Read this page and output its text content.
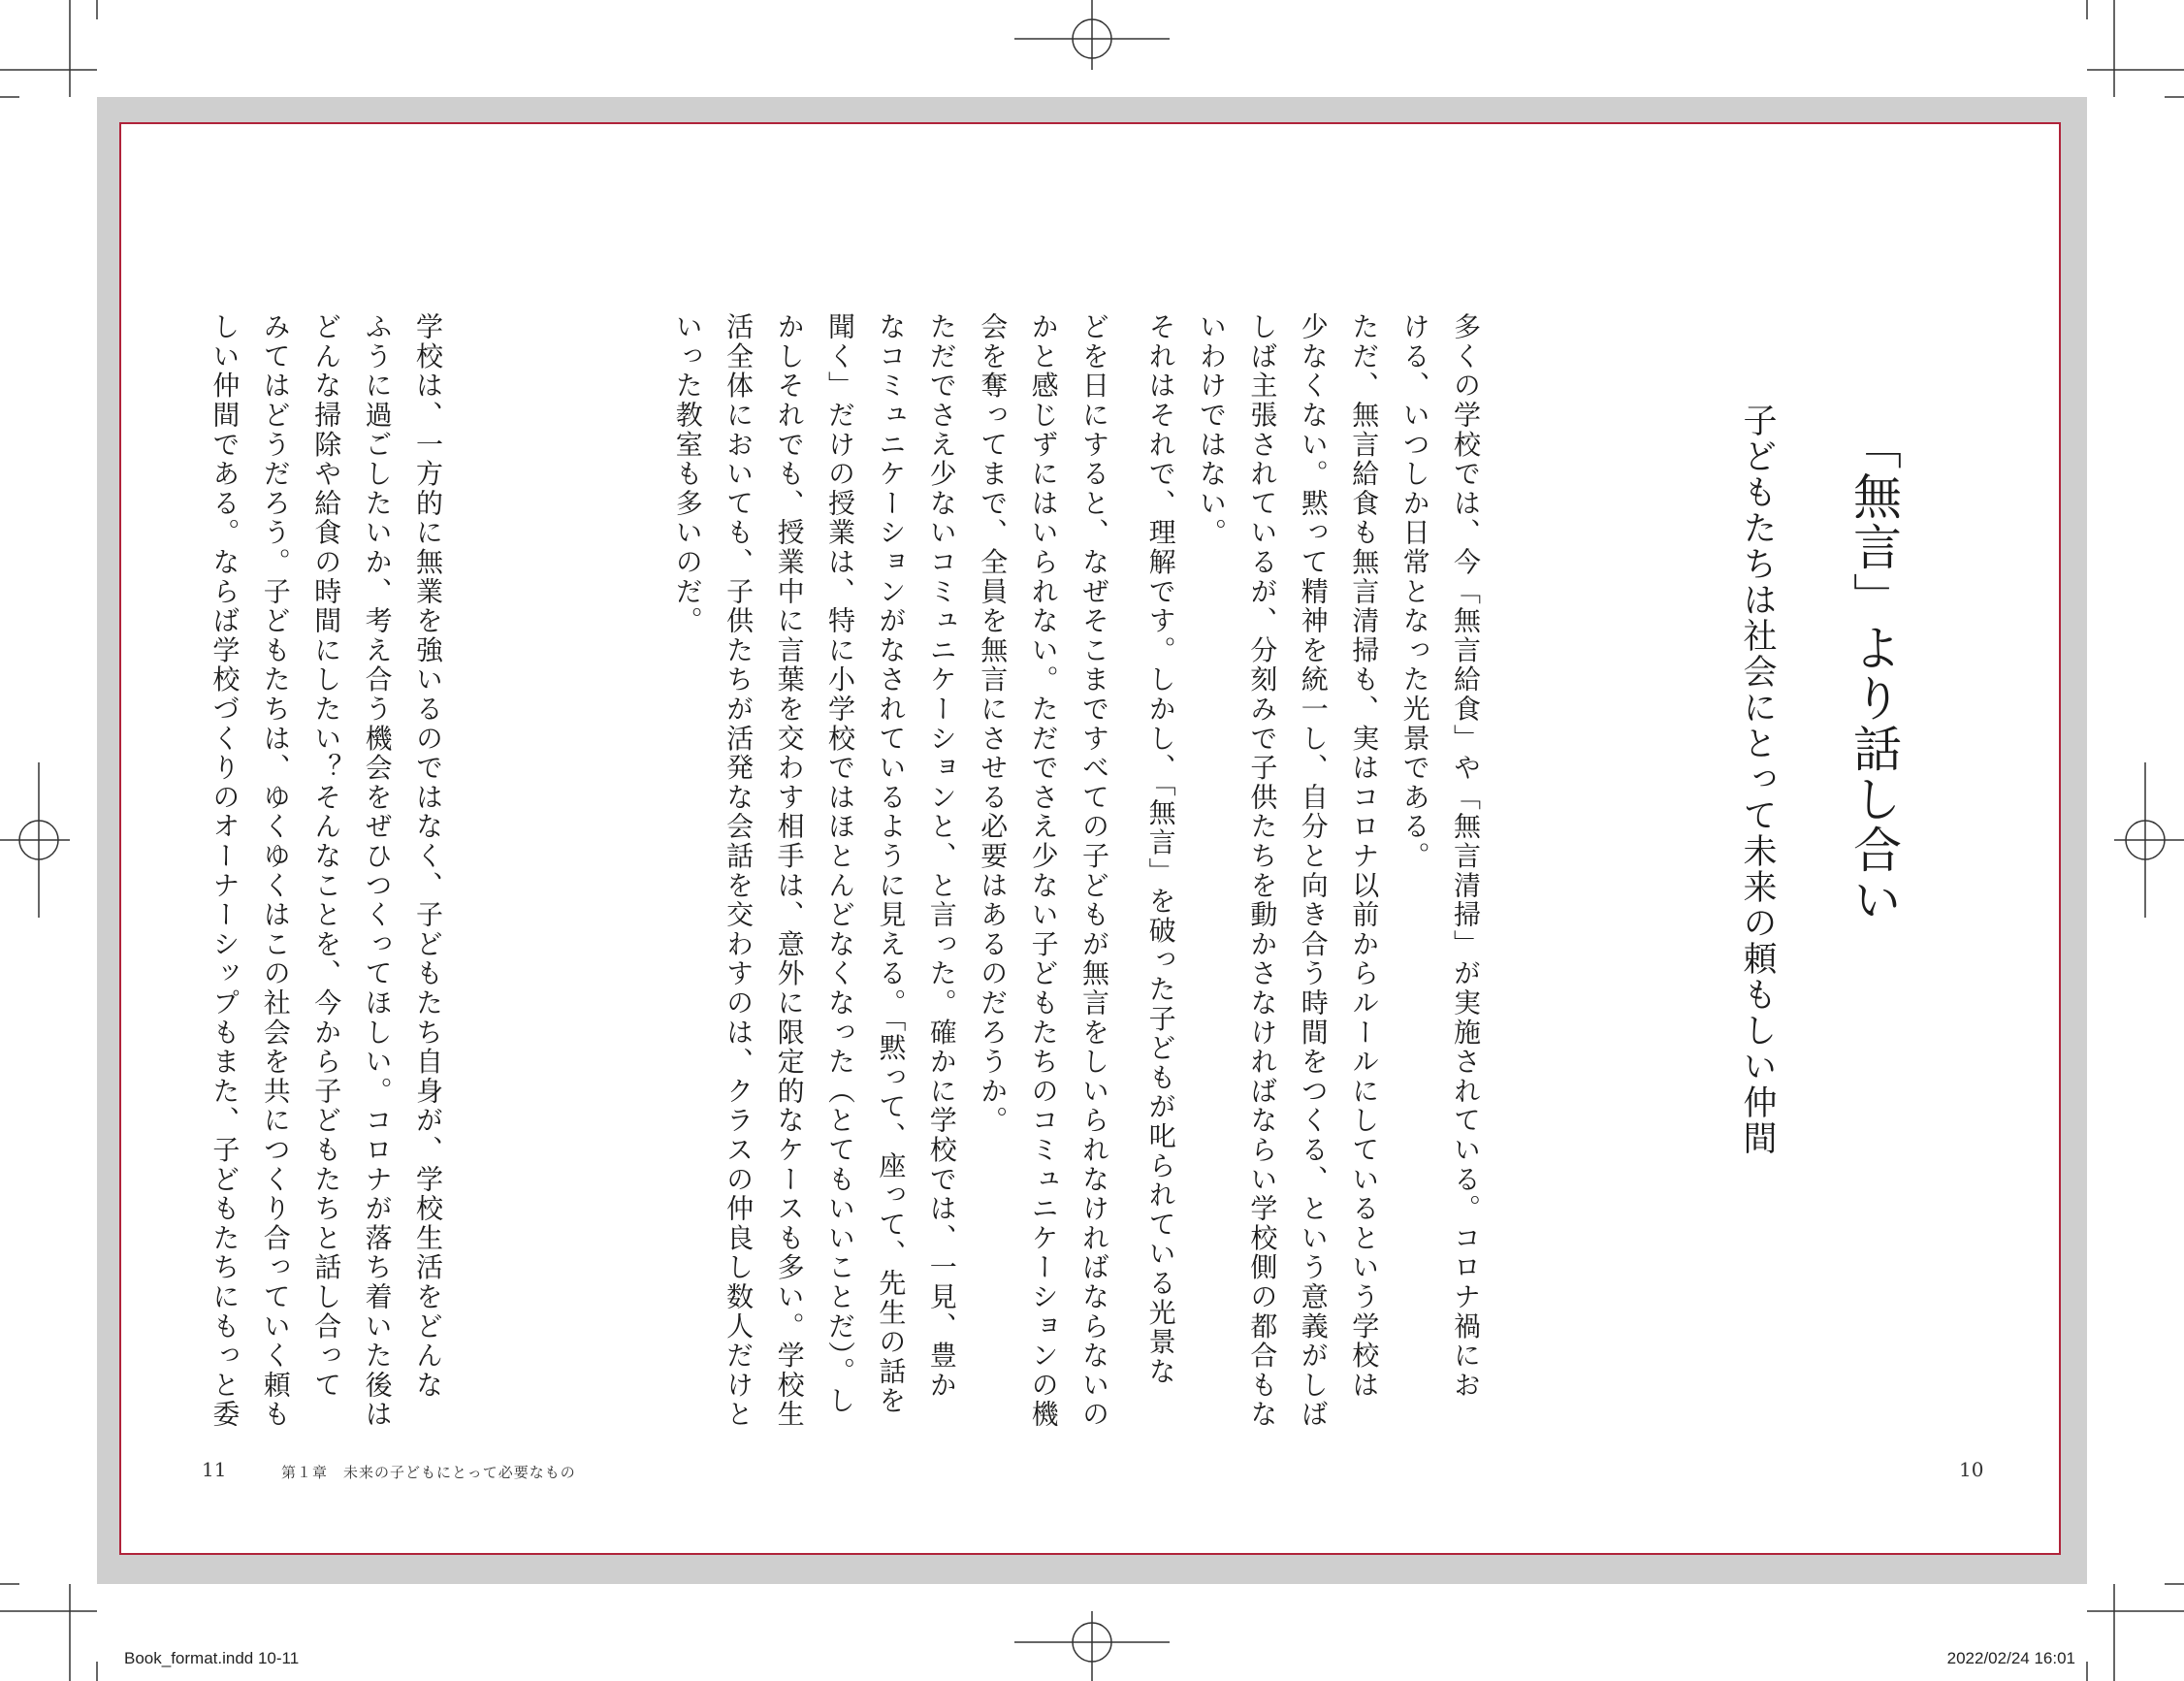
「無言」より話し合い
子どもたちは社会にとって未来の頼もしい仲間
多くの学校では、今「無言給食」や「無言清掃」が実施されている。コロナ禍にお
ける、いつしか日常となった光景である。
ただ、無言給食も無言清掃も、実はコロナ以前からルールにしているという学校は
少なくない。黙って精神を統一し、自分と向き合う時間をつくる、という意義がしば
しば主張されているが、分刻みで子供たちを動かさなければならい学校側の都合もな
いわけではない。
それはそれで、理解です。しかし、「無言」を破った子どもが叱られている光景な
どを日にすると、なぜそこまですべての子どもが無言をしいられなければならないの
かと感じずにはいられない。ただでさえ少ない子どもたちのコミュニケーションの機
会を奪ってまで、全員を無言にさせる必要はあるのだろうか。
ただでさえ少ないコミュニケーションと、と言った。確かに学校では、一見、豊か
なコミュニケーションがなされているように見える。「黙って、座って、先生の話を
聞く」だけの授業は、特に小学校ではほとんどなくなった（とてもいいことだ）。し
かしそれでも、授業中に言葉を交わす相手は、意外に限定的なケースも多い。学校生
活全体においても、子供たちが活発な会話を交わすのは、クラスの仲良し数人だけと
いった教室も多いのだ。
学校は、一方的に無業を強いるのではなく、子どもたち自身が、学校生活をどんな
ふうに過ごしたいか、考え合う機会をぜひつくってほしい。コロナが落ち着いた後は
どんな掃除や給食の時間にしたい？そんなことを、今から子どもたちと話し合って
みてはどうだろう。子どもたちは、ゆくゆくはこの社会を共につくり合っていく頼も
しい仲間である。ならば学校づくりのオーナーシップもまた、子どもたちにもっと委
10
11	第１章　未来の子どもにとって必要なもの
Book_format.indd 10-11	2022/02/24 16:01
